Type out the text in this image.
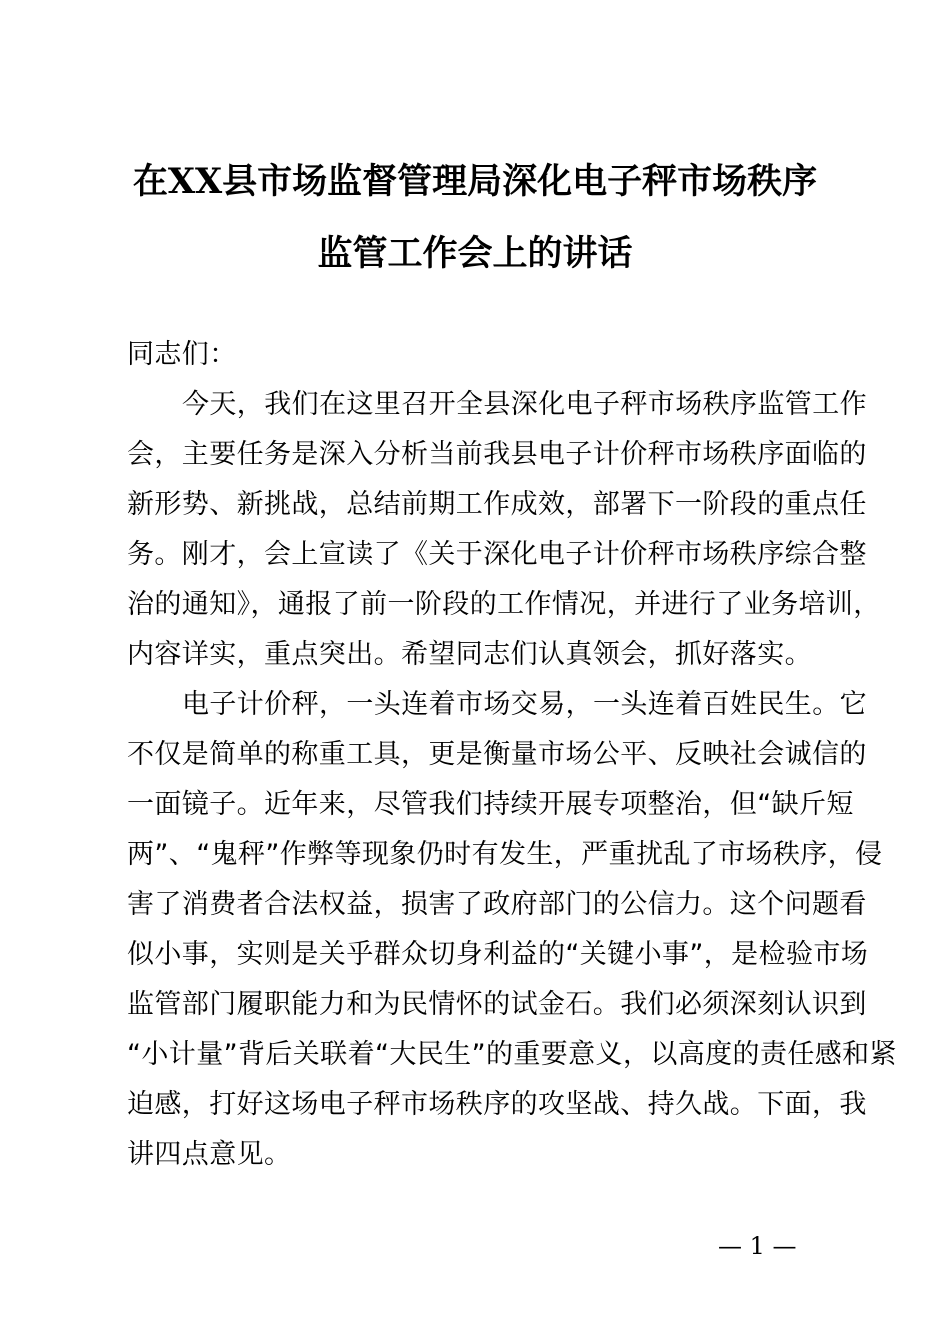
在XX县市场监督管理局深化电子秤市场秩序
监管工作会上的讲话
同志们：
今天，我们在这里召开全县深化电子秤市场秩序监管工作
会，主要任务是深入分析当前我县电子计价秤市场秩序面临的
新形势、新挑战，总结前期工作成效，部署下一阶段的重点任
务。刚才，会上宣读了《关于深化电子计价秤市场秩序综合整
治的通知》，通报了前一阶段的工作情况，并进行了业务培训，
内容详实，重点突出。希望同志们认真领会，抓好落实。
电子计价秤，一头连着市场交易，一头连着百姓民生。它
不仅是简单的称重工具，更是衡量市场公平、反映社会诚信的
一面镜子。近年来，尽管我们持续开展专项整治，但“缺斤短
两”、“鬼秤”作弊等现象仍时有发生，严重扰乱了市场秩序，侵
害了消费者合法权益，损害了政府部门的公信力。这个问题看
似小事，实则是关乎群众切身利益的“关键小事”，是检验市场
监管部门履职能力和为民情怀的试金石。我们必须深刻认识到
“小计量”背后关联着“大民生”的重要意义，以高度的责任感和紧
迫感，打好这场电子秤市场秩序的攻坚战、持久战。下面，我
讲四点意见。
— 1 —
